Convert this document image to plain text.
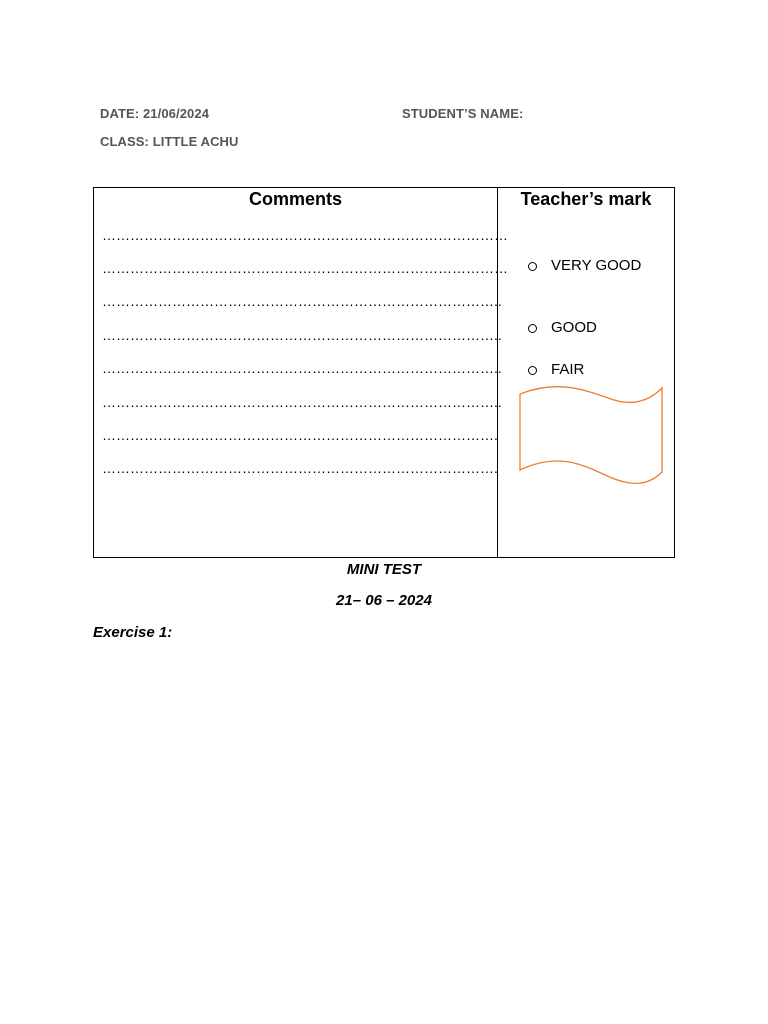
DATE: 21/06/2024	STUDENT’S NAME:
CLASS: LITTLE ACHU
Comments	Teacher’s mark
……………………………………………………………………………
……………………………………………………………………………
…………………………………………………………………………..
…………………………………………………………………………..
…………………………………………………………………………..
…………………………………………………………………………..
………………………………………………………………………….
………………………………………………………………………….
VERY GOOD
GOOD
FAIR
MINI TEST
21– 06 – 2024
Exercise 1:
